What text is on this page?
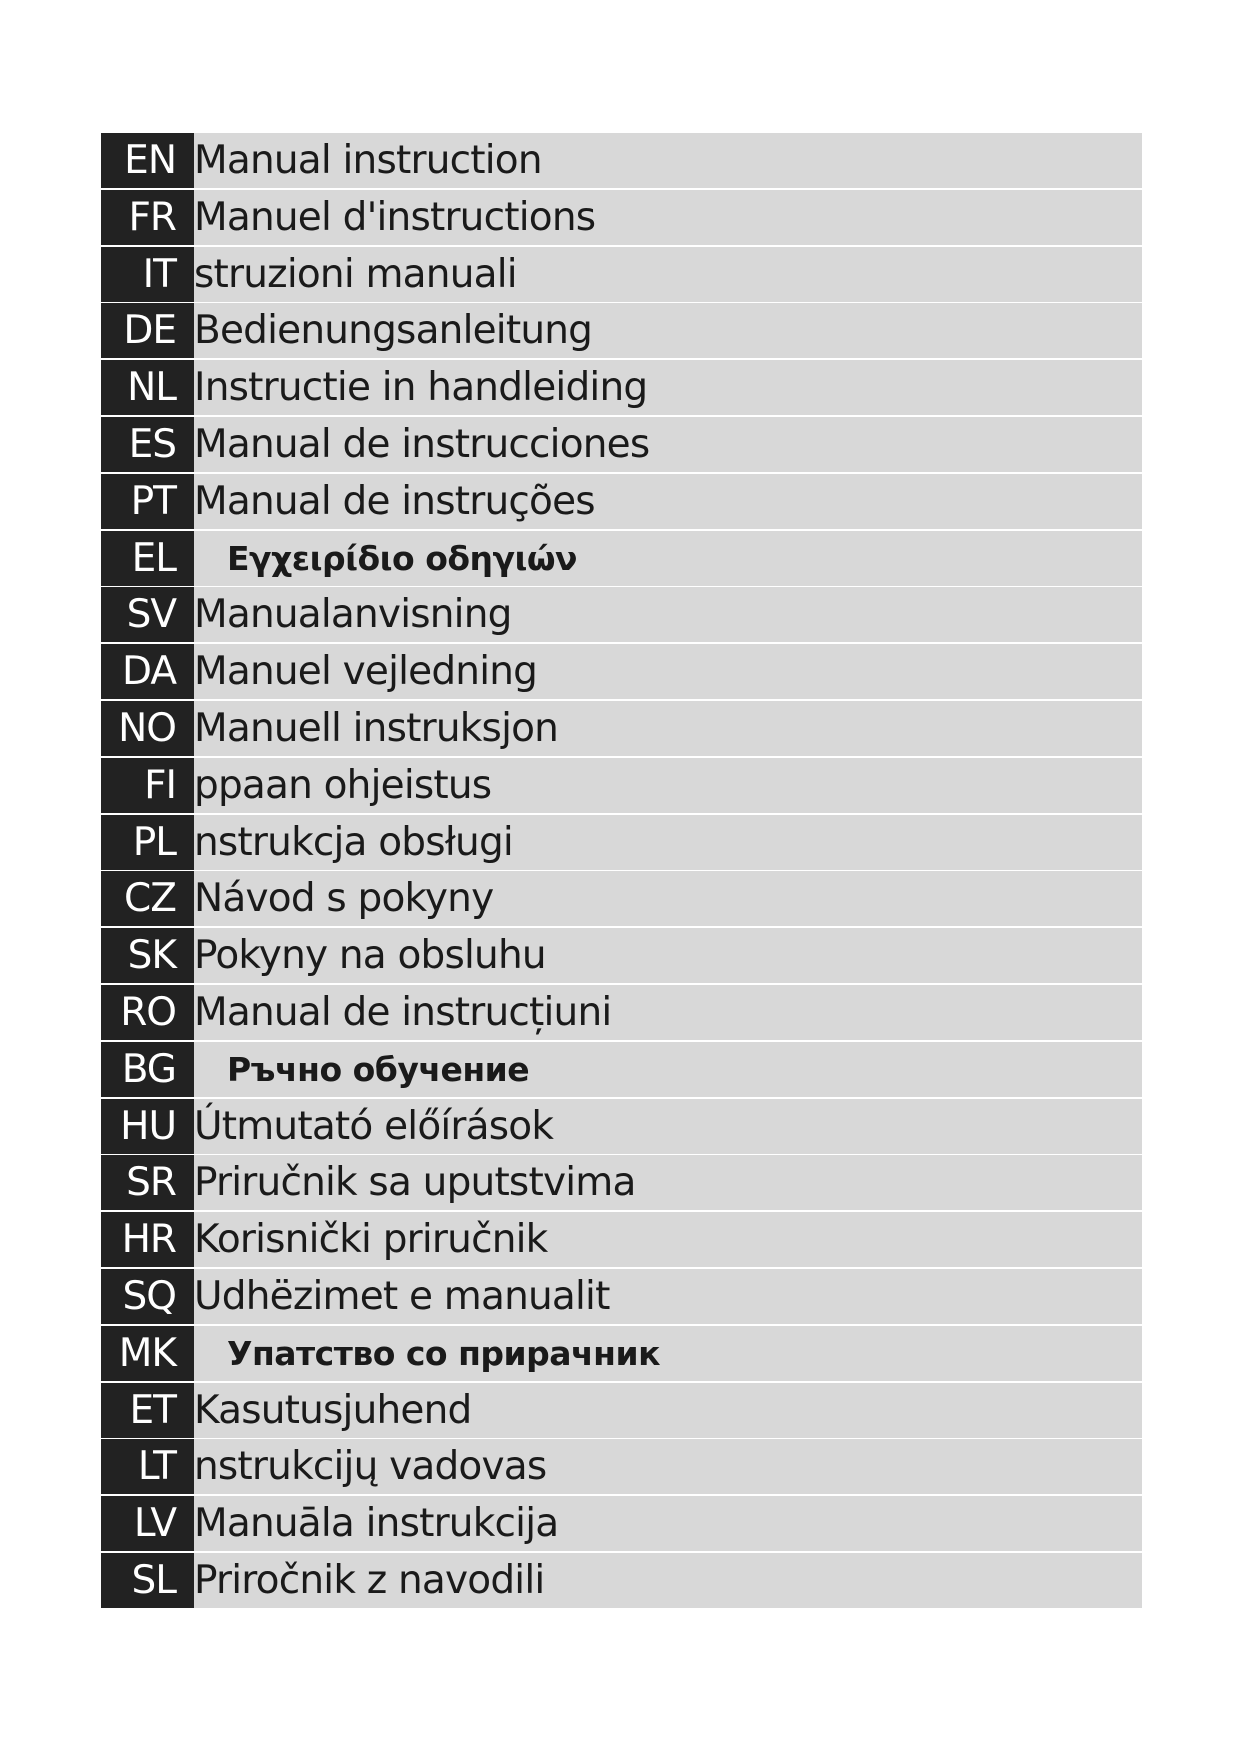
EN Manual instruction
FR Manuel d'instructions
IT struzioni manuali
DE Bedienungsanleitung
NL Instructie in handleiding
ES Manual de instrucciones
PT Manual de instruções
EL	Εγχειρίδιο οδηγιών
SV Manualanvisning
DA Manuel vejledning
NO Manuell instruksjon
FI ppaan ohjeistus
PL nstrukcja obsługi
CZ Návod s pokyny
SK Pokyny na obsluhu
RO Manual de instrucțiuni
BG	Ръчно обучение
HU Útmutató előírások
SR Priručnik sa uputstvima
HR Korisnički priručnik
SQ Udhëzimet e manualit
MK	Упатство со прирачник
ET Kasutusjuhend
LT nstrukcijų vadovas
LV Manuāla instrukcija
SL Priročnik z navodili
